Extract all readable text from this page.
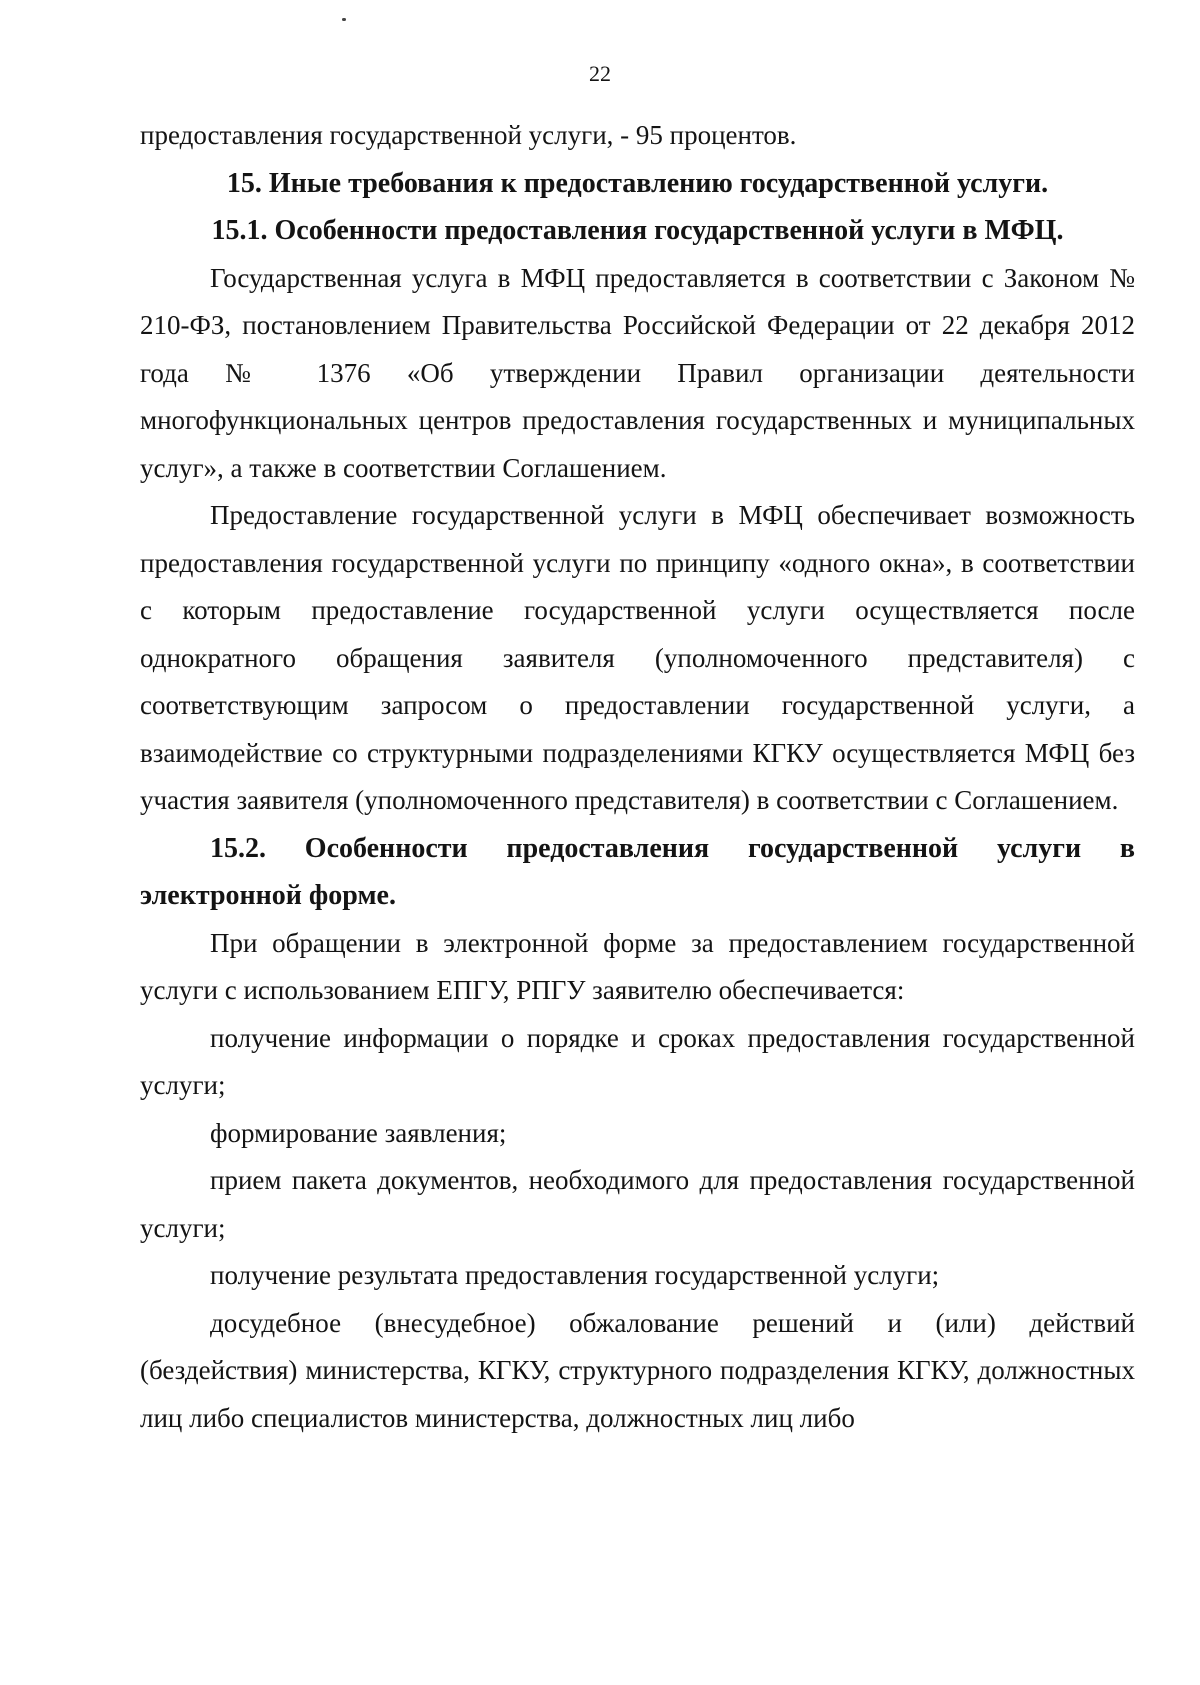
22

предоставления государственной услуги, - 95 процентов.

15. Иные требования к предоставлению государственной услуги.

15.1. Особенности предоставления государственной услуги в МФЦ.

Государственная услуга в МФЦ предоставляется в соответствии с Законом № 210-ФЗ, постановлением Правительства Российской Федерации от 22 декабря 2012 года № 1376 «Об утверждении Правил организации деятельности многофункциональных центров предоставления государственных и муниципальных услуг», а также в соответствии Соглашением.

Предоставление государственной услуги в МФЦ обеспечивает возможность предоставления государственной услуги по принципу «одного окна», в соответствии с которым предоставление государственной услуги осуществляется после однократного обращения заявителя (уполномоченного представителя) с соответствующим запросом о предоставлении государственной услуги, а взаимодействие со структурными подразделениями КГКУ осуществляется МФЦ без участия заявителя (уполномоченного представителя) в соответствии с Соглашением.

15.2. Особенности предоставления государственной услуги в электронной форме.

При обращении в электронной форме за предоставлением государственной услуги с использованием ЕПГУ, РПГУ заявителю обеспечивается:

получение информации о порядке и сроках предоставления государственной услуги;

формирование заявления;

прием пакета документов, необходимого для предоставления государственной услуги;

получение результата предоставления государственной услуги;

досудебное (внесудебное) обжалование решений и (или) действий (бездействия) министерства, КГКУ, структурного подразделения КГКУ, должностных лиц либо специалистов министерства, должностных лиц либо
